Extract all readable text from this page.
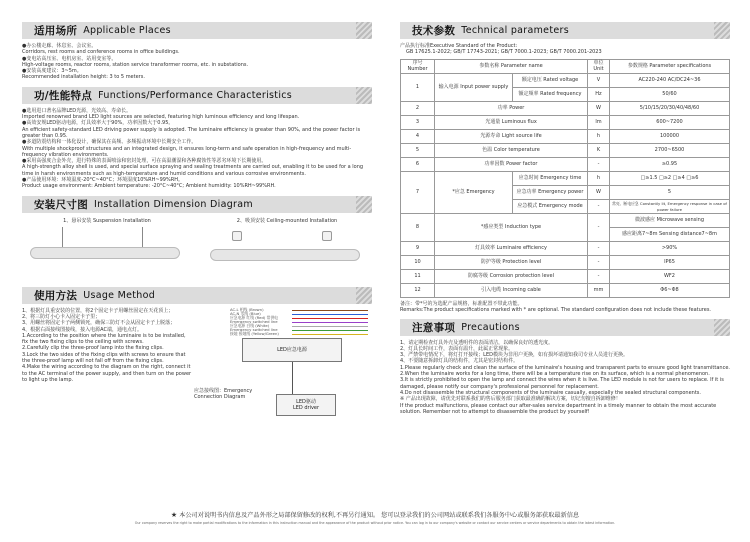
适用场所 Applicable Places

●办公楼走廊、休息室、会议室。

Corridors, rest rooms and conference rooms in office buildings.

●变电站高压室、电机房室、站用变室等。

High-voltage rooms, reactor rooms, station service transformer rooms, etc. in substations.

●安装高度建议：3~5m。

Recommended installation height: 3 to 5 meters.

功/性能特点 Functions/Performance Characteristics

●选用进口著名品牌LED光源，光效高、寿命长。

Imported renowned brand LED light sources are selected, featuring high luminous efficiency and long lifespan.

●高效安规LED驱动电源，灯具效率大于90%，功率因数大于0.95。

An efficient safety-standard LED driving power supply is adopted. The luminaire efficiency is greater than 90%, and the power factor is greater than 0.95.

●多道防震结构和一体化设计，确保其在高频、多频振动环境中长期安全工作。

With multiple shockproof structures and an integrated design, it ensures long-term and safe operation in high-frequency and multi-frequency vibration environments.

●采用高强度合金外壳，进行特殊的表面喷涂和密封处理，可在高温潮湿和各种腐蚀性等恶劣环境下长期使用。

A high-strength alloy shell is used, and special surface spraying and sealing treatments are carried out, enabling it to be used for a long time in harsh environments such as high-temperature and humid conditions and various corrosive environments.

●产品使用环境：环境温度-20°C~40°C；环境湿度10%RH~99%RH。

Product usage environment: Ambient temperature: -20°C~40°C; Ambient humidity: 10%RH~99%RH.

安装尺寸图 Installation Dimension Diagram
1、悬吊安装 Suspension Installation	2、吸顶安装 Ceiling-mounted Installation
使用方法 Usage Method

1、根据灯具重安装的位置，将2个固定卡子用螺丝固定在天花顶上；

2、将三防灯小心卡入固定卡子里；

3、用螺丝将固定卡子两侧锁死，确保三防灯不会从固定卡子上脱落；

4、根据右面接线图接线，接入电源AC端，通电点灯。

1.According to the position where the luminaire is to be installed, fix the two fixing clips to the ceiling with screws.

2.Carefully clip the three-proof lamp into the fixing clips.

3.Lock the two sides of the fixing clips with screws to ensure that the three-proof lamp will not fall off from the fixing clips.

4.Make the wiring according to the diagram on the right, connect it to the AC terminal of the power supply, and then turn on the power to light up the lamp.

AC-L 相线 (Brown)
AC-N 零线 (Blue)
应急电源 红线 (Red) 常供电
Emergency switched line
应急电源 白线 (White)
Emergency switched line
接地 接地线 (Yellow/Green)
LED应急电源
LED驱动
LED driver
应急接线图：Emergency Connection Diagram
技术参数 Technical parameters
产品执行标准Executive Standard of the Product:
GB 17625.1-2022; GB/T 17743-2021; GB/T 7000.1-2023; GB/T 7000.201-2023
序号 Number	参数名称 Parameter name		单位 Unit	参数规格 Parameter specifications
1	输入电源 Input power supply	额定电压 Rated voltage	V	AC220-240 AC/DC24~36
		额定频率 Rated frequency	Hz	50/60
2	功率 Power		W	5/10/15/20/30/40/48/60
3	光通量 Luminous flux		lm	600~7200
4	光源寿命 Light source life		h	100000
5	色温 Color temperature		K	2700~6500
6	功率因数 Power factor		-	≥0.95
7	*应急 Emergency	应急时间 Emergency time	h	□≥1.5 □≥2 □≥4 □≥6
		应急功率 Emergency power	W	5
		应急模式 Emergency mode	-	常亮、断电应急 Constantly lit, Emergency response in case of power failure
8	*感应类型 Induction type		-	微波感应 Microwave sensing
				感应距离7~8m Sensing distance7~8m
9	灯具效率 Luminaire efficiency		-	>90%
10	防护等级 Protection level		-	IP65
11	防腐等级 Corrosion protection level		-	WF2
12	引入电缆 Incoming cable		mm	Φ6~Φ8

备注：带*号的为选配产品规格，标准配置不带此功能。

Remarks:The product specifications marked with * are optional. The standard configuration does not include these features.

注意事项 Precautions

1、请定期检查灯具外壳及透明件的表面清洁，以确保良好的透光度。

2、灯具长时间工作，表面有温升，此属正常现象。

3、严禁带电情况下，将灯打开接线；LED模块为非用户更换，如有损坏请通知我司专业人员进行更换。

4、不要随意拆卸灯具的结构件，尤其是密封结构件。

1.Please regularly check and clean the surface of the luminaire's housing and transparent parts to ensure good light transmittance.

2.When the luminaire works for a long time, there will be a temperature rise on its surface, which is a normal phenomenon.

3.It is strictly prohibited to open the lamp and connect the wires when it is live. The LED module is not for users to replace. If it is damaged, please notify our company's professional personnel for replacement.

4.Do not disassemble the structural components of the luminaire casually, especially the sealed structural components.

※ 产品出现故障，请优先对联系我们的售后服务部门获取最准确的解决方案，切记勿擅自拆卸维修！

If the product malfunctions, please contact our after-sales service department in a timely manner to obtain the most accurate solution. Remember not to attempt to disassemble the product by yourself!

★ 本公司对说明书内信息及产品外形之局部保留修改的权利,不再另行通知。 您可以登录我们的公司网站或联系我们各服务中心或服务部获取最新信息
Our company reserves the right to make partial modifications to the information in this instruction manual and the appearance of the product without prior notice. You can log in to our company's website or contact our service centers or service departments to obtain the latest information.
